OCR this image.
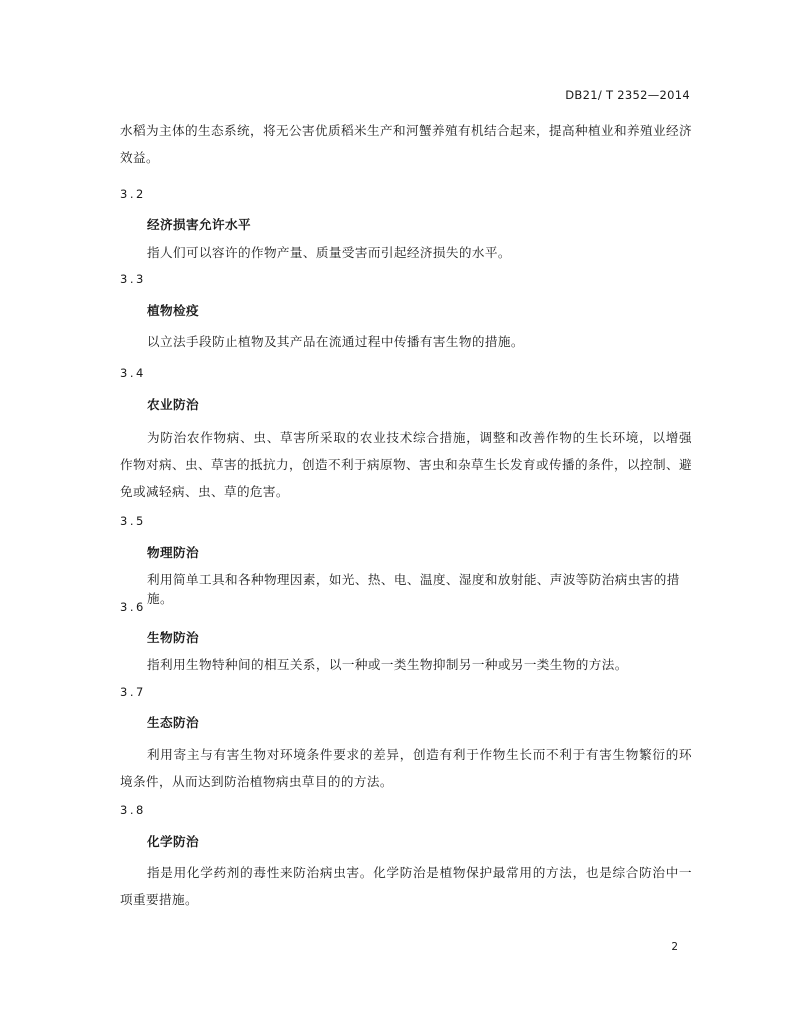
DB21/ T 2352—2014
水稻为主体的生态系统，将无公害优质稻米生产和河蟹养殖有机结合起来，提高种植业和养殖业经济效益。
3.2
经济损害允许水平
指人们可以容许的作物产量、质量受害而引起经济损失的水平。
3.3
植物检疫
以立法手段防止植物及其产品在流通过程中传播有害生物的措施。
3.4
农业防治
为防治农作物病、虫、草害所采取的农业技术综合措施，调整和改善作物的生长环境，以增强作物对病、虫、草害的抵抗力，创造不利于病原物、害虫和杂草生长发育或传播的条件，以控制、避免或减轻病、虫、草的危害。
3.5
物理防治
利用简单工具和各种物理因素，如光、热、电、温度、湿度和放射能、声波等防治病虫害的措施。
3.6
生物防治
指利用生物特种间的相互关系，以一种或一类生物抑制另一种或另一类生物的方法。
3.7
生态防治
利用寄主与有害生物对环境条件要求的差异，创造有利于作物生长而不利于有害生物繁衍的环境条件，从而达到防治植物病虫草目的的方法。
3.8
化学防治
指是用化学药剂的毒性来防治病虫害。化学防治是植物保护最常用的方法，也是综合防治中一项重要措施。
2
